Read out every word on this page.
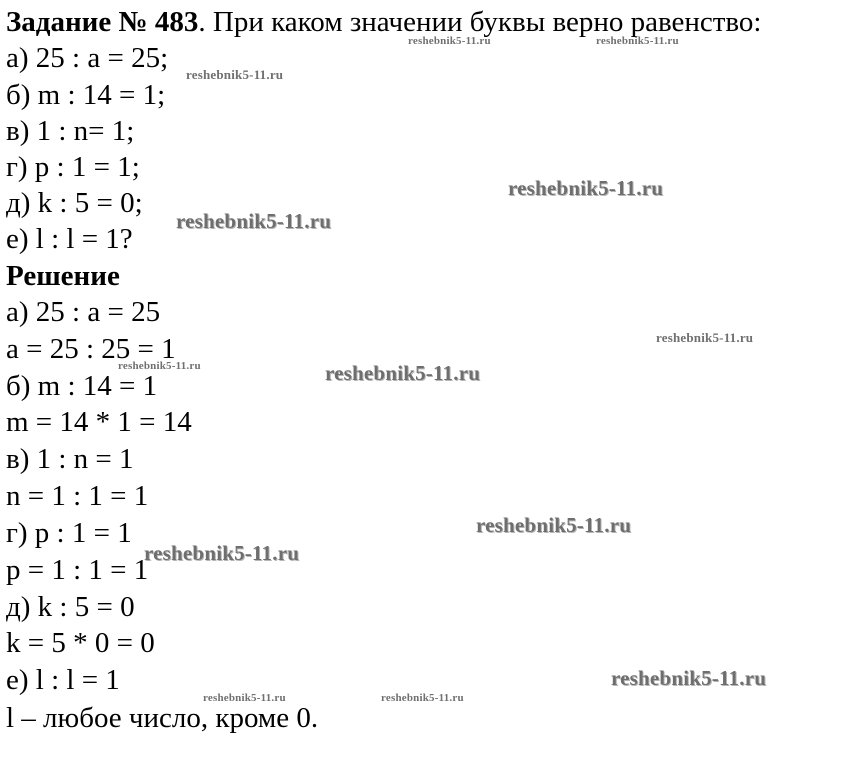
Задание № 483. При каком значении буквы верно равенство:
а) 25 : а = 25;
б) m : 14 = 1;
в) 1 : n= 1;
г) р : 1 = 1;
д) k : 5 = 0;
е) l : l = 1?
Решение
а) 25 : а = 25
а = 25 : 25 = 1
б) m : 14 = 1
m = 14 * 1 = 14
в) 1 : n = 1
n = 1 : 1 = 1
г) р : 1 = 1
р = 1 : 1 = 1
д) k : 5 = 0
k = 5 * 0 = 0
е) l : l = 1
l – любое число, кроме 0.
reshebnik5-11.ru	reshebnik5-11.ru
reshebnik5-11.ru
reshebnik5-11.ru
reshebnik5-11.ru
reshebnik5-11.ru
reshebnik5-11.ru	reshebnik5-11.ru
reshebnik5-11.ru
reshebnik5-11.ru
reshebnik5-11.ru
reshebnik5-11.ru	reshebnik5-11.ru
